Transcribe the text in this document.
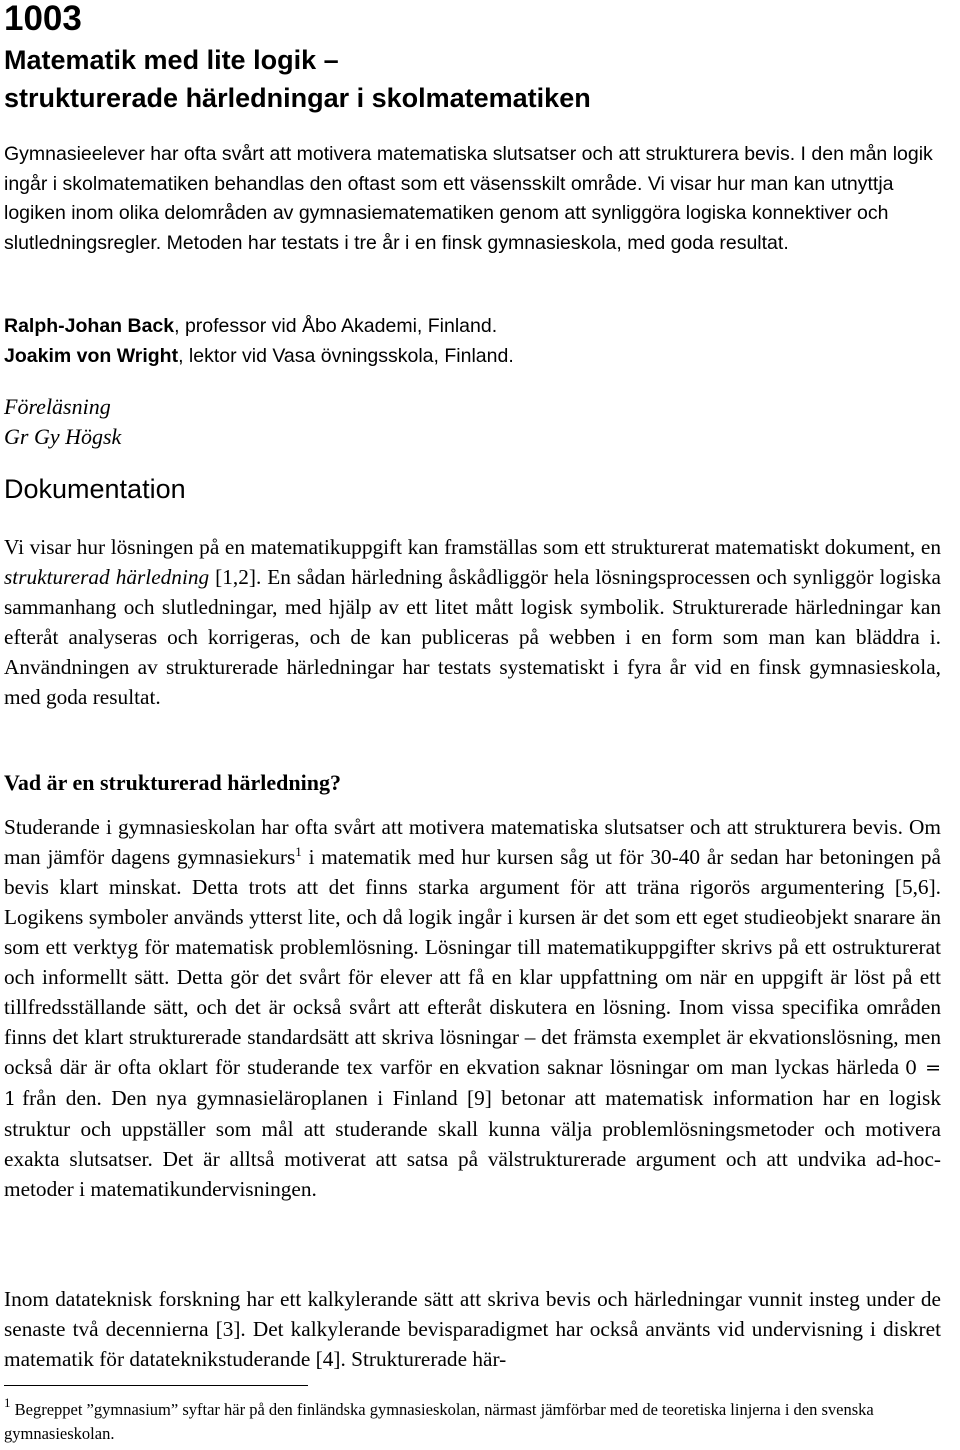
1003
Matematik med lite logik –
strukturerade härledningar i skolmatematiken

Gymnasieelever har ofta svårt att motivera matematiska slutsatser och att strukturera bevis. I den mån logik ingår i skolmatematiken behandlas den oftast som ett väsensskilt område. Vi visar hur man kan utnyttja logiken inom olika delområden av gymnasiematematiken genom att synliggöra logiska konnektiver och slutledningsregler. Metoden har testats i tre år i en finsk gymnasieskola, med goda resultat.

Ralph-Johan Back, professor vid Åbo Akademi, Finland.
Joakim von Wright, lektor vid Vasa övningsskola, Finland.

Föreläsning
Gr Gy Högsk

Dokumentation

Vi visar hur lösningen på en matematikuppgift kan framställas som ett strukturerat matematiskt dokument, en strukturerad härledning [1,2]. En sådan härledning åskådliggör hela lösningsprocessen och synliggör logiska sammanhang och slutledningar, med hjälp av ett litet mått logisk symbolik. Strukturerade härledningar kan efteråt analyseras och korrigeras, och de kan publiceras på webben i en form som man kan bläddra i. Användningen av strukturerade härledningar har testats systematiskt i fyra år vid en finsk gymnasieskola, med goda resultat.

Vad är en strukturerad härledning?

Studerande i gymnasieskolan har ofta svårt att motivera matematiska slutsatser och att strukturera bevis. Om man jämför dagens gymnasiekurs$^1$ i matematik med hur kursen såg ut för 30-40 år sedan har betoningen på bevis klart minskat. Detta trots att det finns starka argument för att träna rigorös argumentering [5,6]. Logikens symboler används ytterst lite, och då logik ingår i kursen är det som ett eget studieobjekt snarare än som ett verktyg för matematisk problemlösning. Lösningar till matematikuppgifter skrivs på ett ostrukturerat och informellt sätt. Detta gör det svårt för elever att få en klar uppfattning om när en uppgift är löst på ett tillfredsställande sätt, och det är också svårt att efteråt diskutera en lösning. Inom vissa specifika områden finns det klart strukturerade standardsätt att skriva lösningar – det främsta exemplet är ekvationslösning, men också där är ofta oklart för studerande tex varför en ekvation saknar lösningar om man lyckas härleda 0 = 1 från den. Den nya gymnasieläroplanen i Finland [9] betonar att matematisk information har en logisk struktur och uppställer som mål att studerande skall kunna välja problemlösningsmetoder och motivera exakta slutsatser. Det är alltså motiverat att satsa på välstrukturerade argument och att undvika ad-hoc-metoder i matematikundervisningen.

Inom datateknisk forskning har ett kalkylerande sätt att skriva bevis och härledningar vunnit insteg under de senaste två decennierna [3]. Det kalkylerande bevisparadigmet har också använts vid undervisning i diskret matematik för datateknikstuderande [4]. Strukturerade här-

$^1$ Begreppet ”gymnasium” syftar här på den finländska gymnasieskolan, närmast jämförbar med de teoretiska linjerna i den svenska gymnasieskolan.
